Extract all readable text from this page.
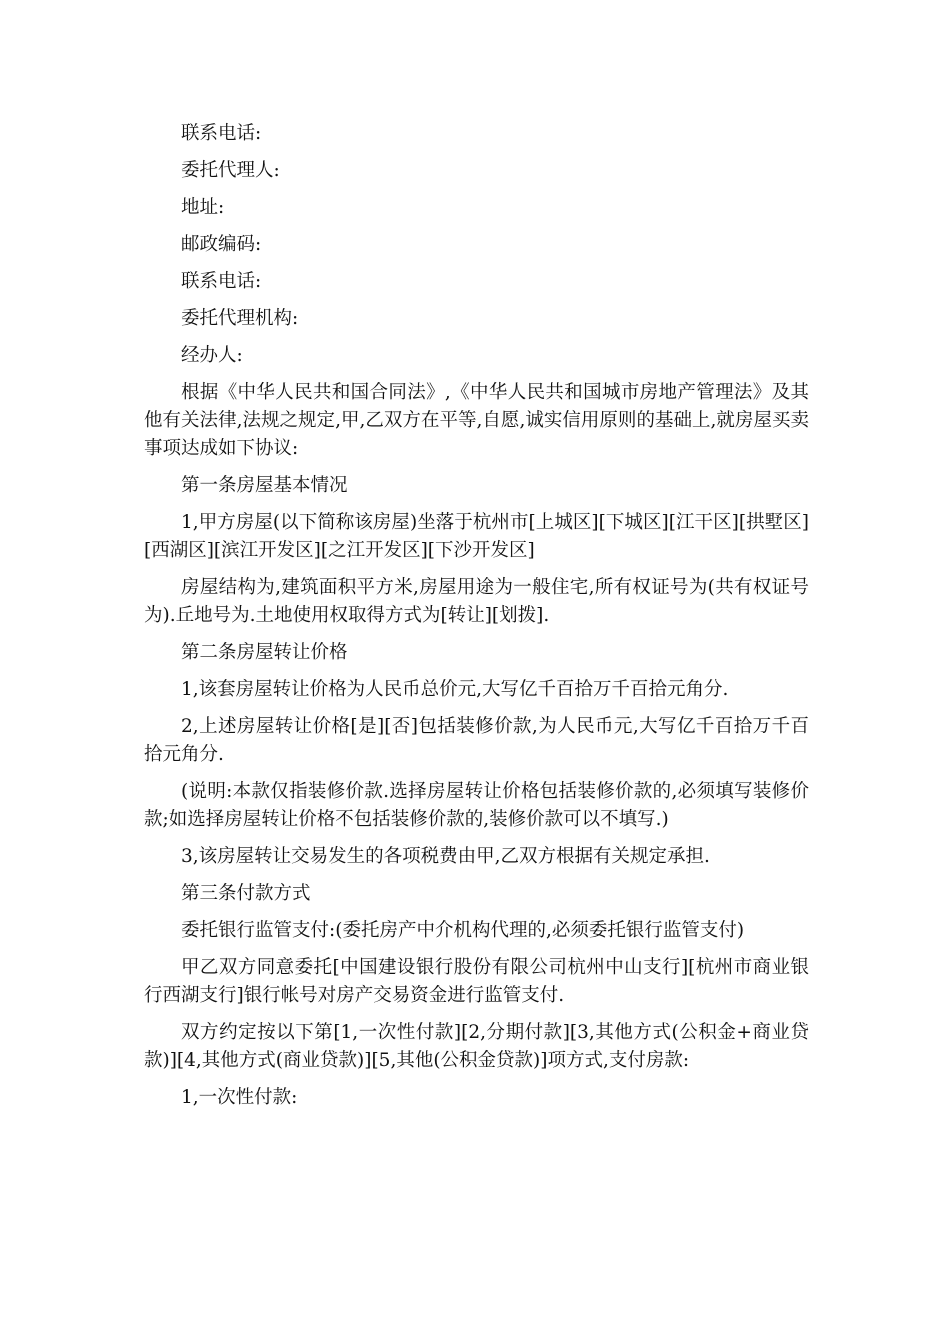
联系电话:

委托代理人:

地址:

邮政编码:

联系电话:

委托代理机构:

经办人:

根据《中华人民共和国合同法》,《中华人民共和国城市房地产管理法》及其他有关法律,法规之规定,甲,乙双方在平等,自愿,诚实信用原则的基础上,就房屋买卖事项达成如下协议:

第一条房屋基本情况

1,甲方房屋(以下简称该房屋)坐落于杭州市[上城区][下城区][江干区][拱墅区][西湖区][滨江开发区][之江开发区][下沙开发区]

房屋结构为,建筑面积平方米,房屋用途为一般住宅,所有权证号为(共有权证号为).丘地号为.土地使用权取得方式为[转让][划拨].

第二条房屋转让价格

1,该套房屋转让价格为人民币总价元,大写亿千百拾万千百拾元角分.

2,上述房屋转让价格[是][否]包括装修价款,为人民币元,大写亿千百拾万千百拾元角分.

(说明:本款仅指装修价款.选择房屋转让价格包括装修价款的,必须填写装修价款;如选择房屋转让价格不包括装修价款的,装修价款可以不填写.)

3,该房屋转让交易发生的各项税费由甲,乙双方根据有关规定承担.

第三条付款方式

委托银行监管支付:(委托房产中介机构代理的,必须委托银行监管支付)

甲乙双方同意委托[中国建设银行股份有限公司杭州中山支行][杭州市商业银行西湖支行]银行帐号对房产交易资金进行监管支付.

双方约定按以下第[1,一次性付款][2,分期付款][3,其他方式(公积金+商业贷款)][4,其他方式(商业贷款)][5,其他(公积金贷款)]项方式,支付房款:

1,一次性付款:
